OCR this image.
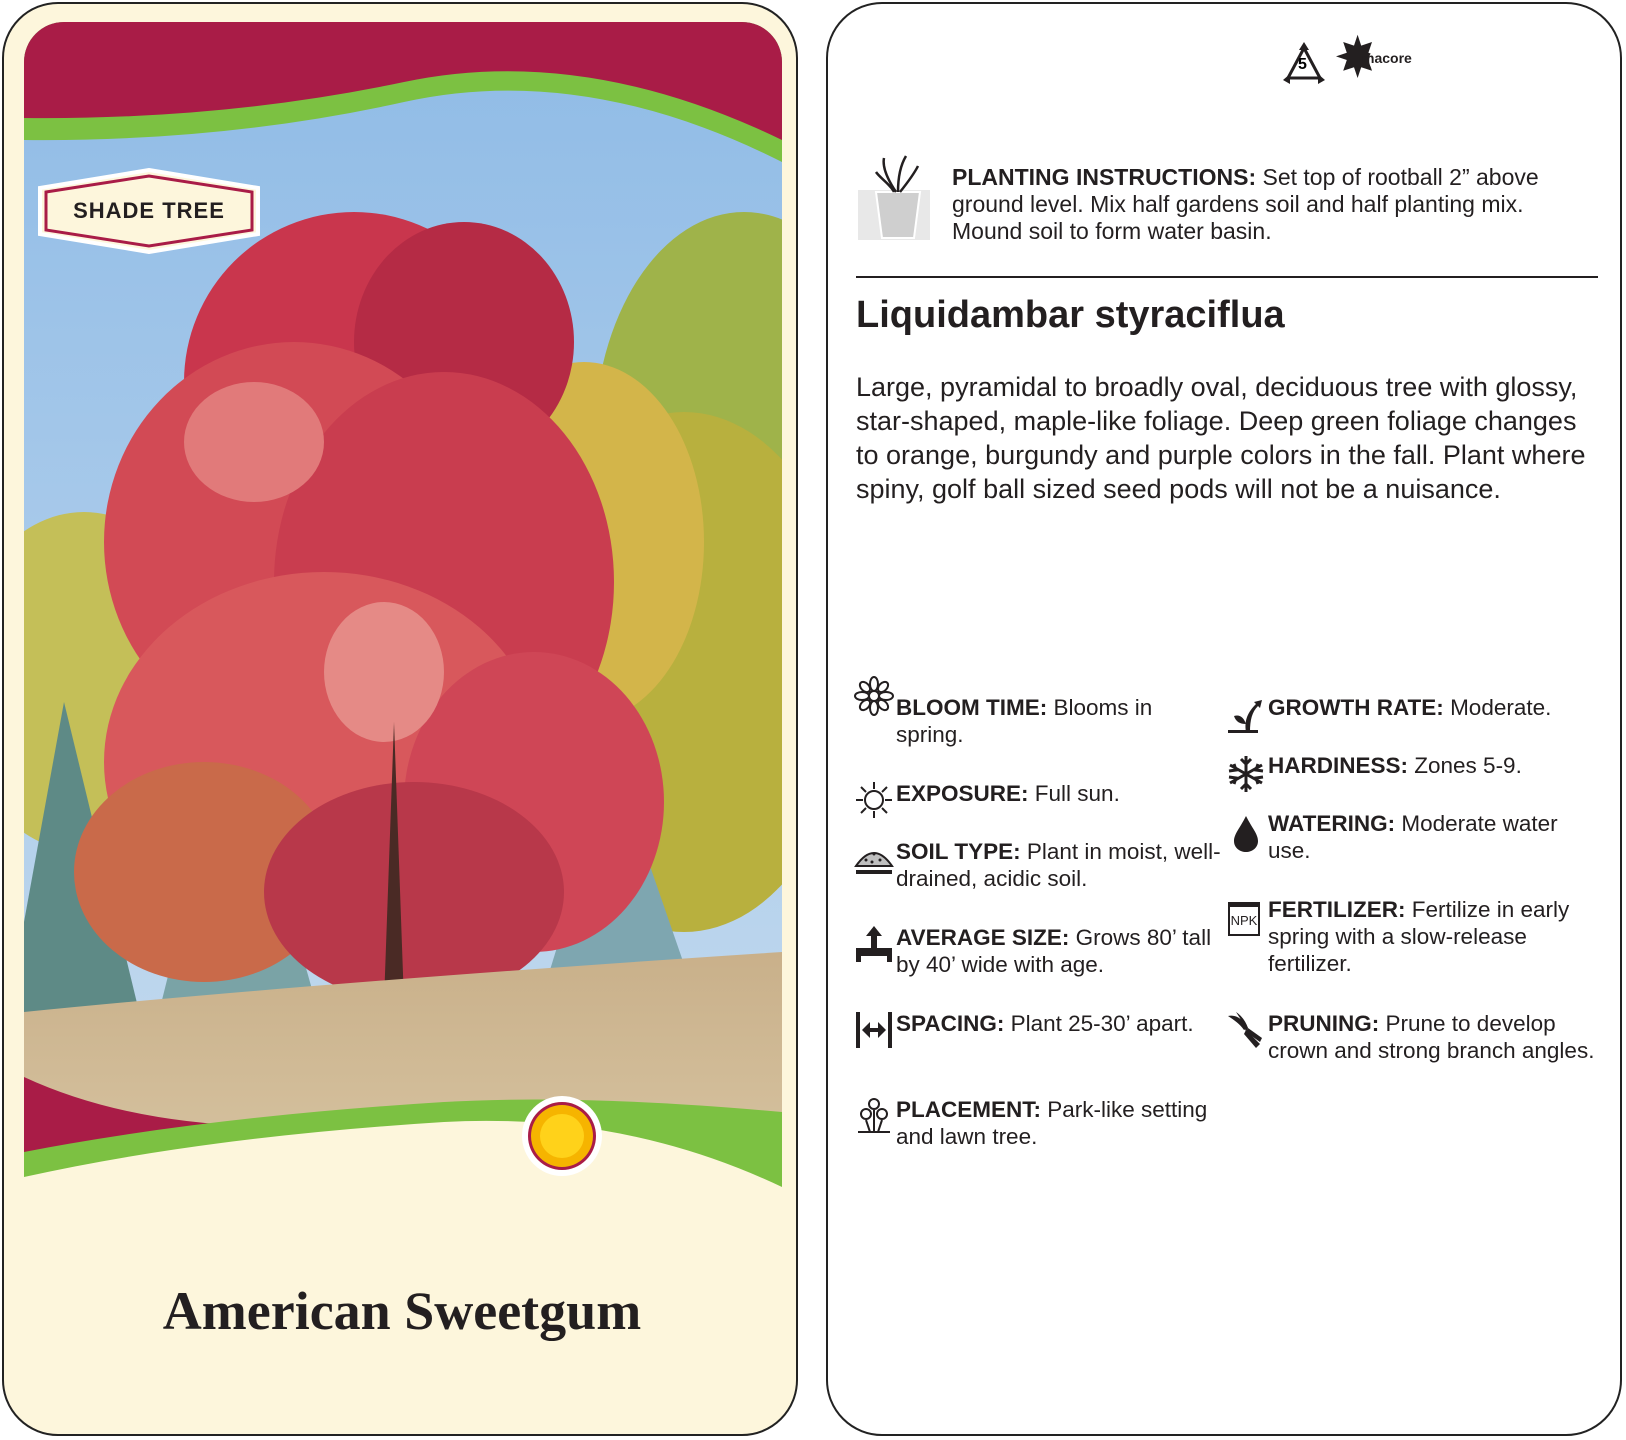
SHADE TREE
American Sweetgum
5	macore
PLANTING INSTRUCTIONS: Set top of rootball 2” above ground level. Mix half gardens soil and half planting mix. Mound soil to form water basin.
Liquidambar styraciflua
Large, pyramidal to broadly oval, deciduous tree with glossy, star-shaped, maple-like foliage. Deep green foliage changes to orange, burgundy and purple colors in the fall. Plant where spiny, golf ball sized seed pods will not be a nuisance.
BLOOM TIME: Blooms in spring.
EXPOSURE: Full sun.
SOIL TYPE: Plant in moist, well-drained, acidic soil.
AVERAGE SIZE: Grows 80’ tall by 40’ wide with age.
SPACING: Plant 25-30’ apart.
PLACEMENT: Park-like setting and lawn tree.
GROWTH RATE: Moderate.
HARDINESS: Zones 5-9.
WATERING: Moderate water use.
NPK FERTILIZER: Fertilize in early spring with a slow-release fertilizer.
PRUNING: Prune to develop crown and strong branch angles.
